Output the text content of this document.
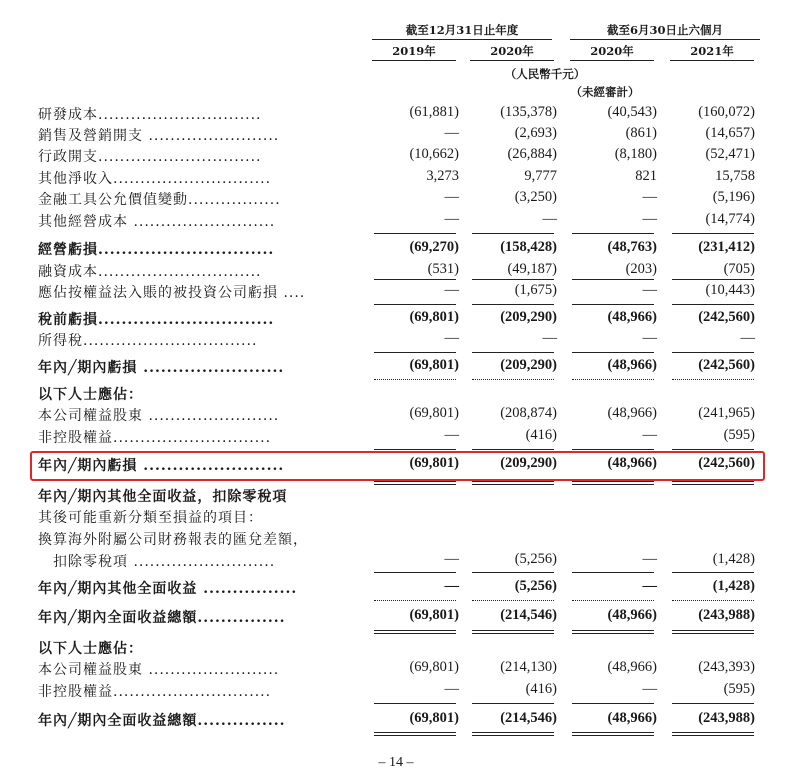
截至12月31日止年度	截至6月30日止六個月
2019年	2020年	2020年	2021年
（人民幣千元）
（未經審計）
研發成本..............................	(61,881)	(135,378)	(40,543)	(160,072)
銷售及營銷開支 ........................	—	(2,693)	(861)	(14,657)
行政開支..............................	(10,662)	(26,884)	(8,180)	(52,471)
其他淨收入.............................	3,273	9,777	821	15,758
金融工具公允價值變動.................	—	(3,250)	—	(5,196)
其他經營成本 ..........................	—	—	—	(14,774)
經營虧損..............................	(69,270)	(158,428)	(48,763)	(231,412)
融資成本..............................	(531)	(49,187)	(203)	(705)
應佔按權益法入賬的被投資公司虧損 ....	—	(1,675)	—	(10,443)
稅前虧損..............................	(69,801)	(209,290)	(48,966)	(242,560)
所得稅................................	—	—	—	—
年內╱期內虧損 ........................	(69,801)	(209,290)	(48,966)	(242,560)
以下人士應佔：
本公司權益股東 ........................	(69,801)	(208,874)	(48,966)	(241,965)
非控股權益.............................	—	(416)	—	(595)
年內╱期內虧損 ........................	(69,801)	(209,290)	(48,966)	(242,560)
年內╱期內其他全面收益，扣除零稅項
其後可能重新分類至損益的項目：
換算海外附屬公司財務報表的匯兌差額，
　扣除零稅項 ..........................	—	(5,256)	—	(1,428)
年內╱期內其他全面收益 ................	—	(5,256)	—	(1,428)
年內╱期內全面收益總額...............	(69,801)	(214,546)	(48,966)	(243,988)
以下人士應佔：
本公司權益股東 ........................	(69,801)	(214,130)	(48,966)	(243,393)
非控股權益.............................	—	(416)	—	(595)
年內╱期內全面收益總額...............	(69,801)	(214,546)	(48,966)	(243,988)
– 14 –
